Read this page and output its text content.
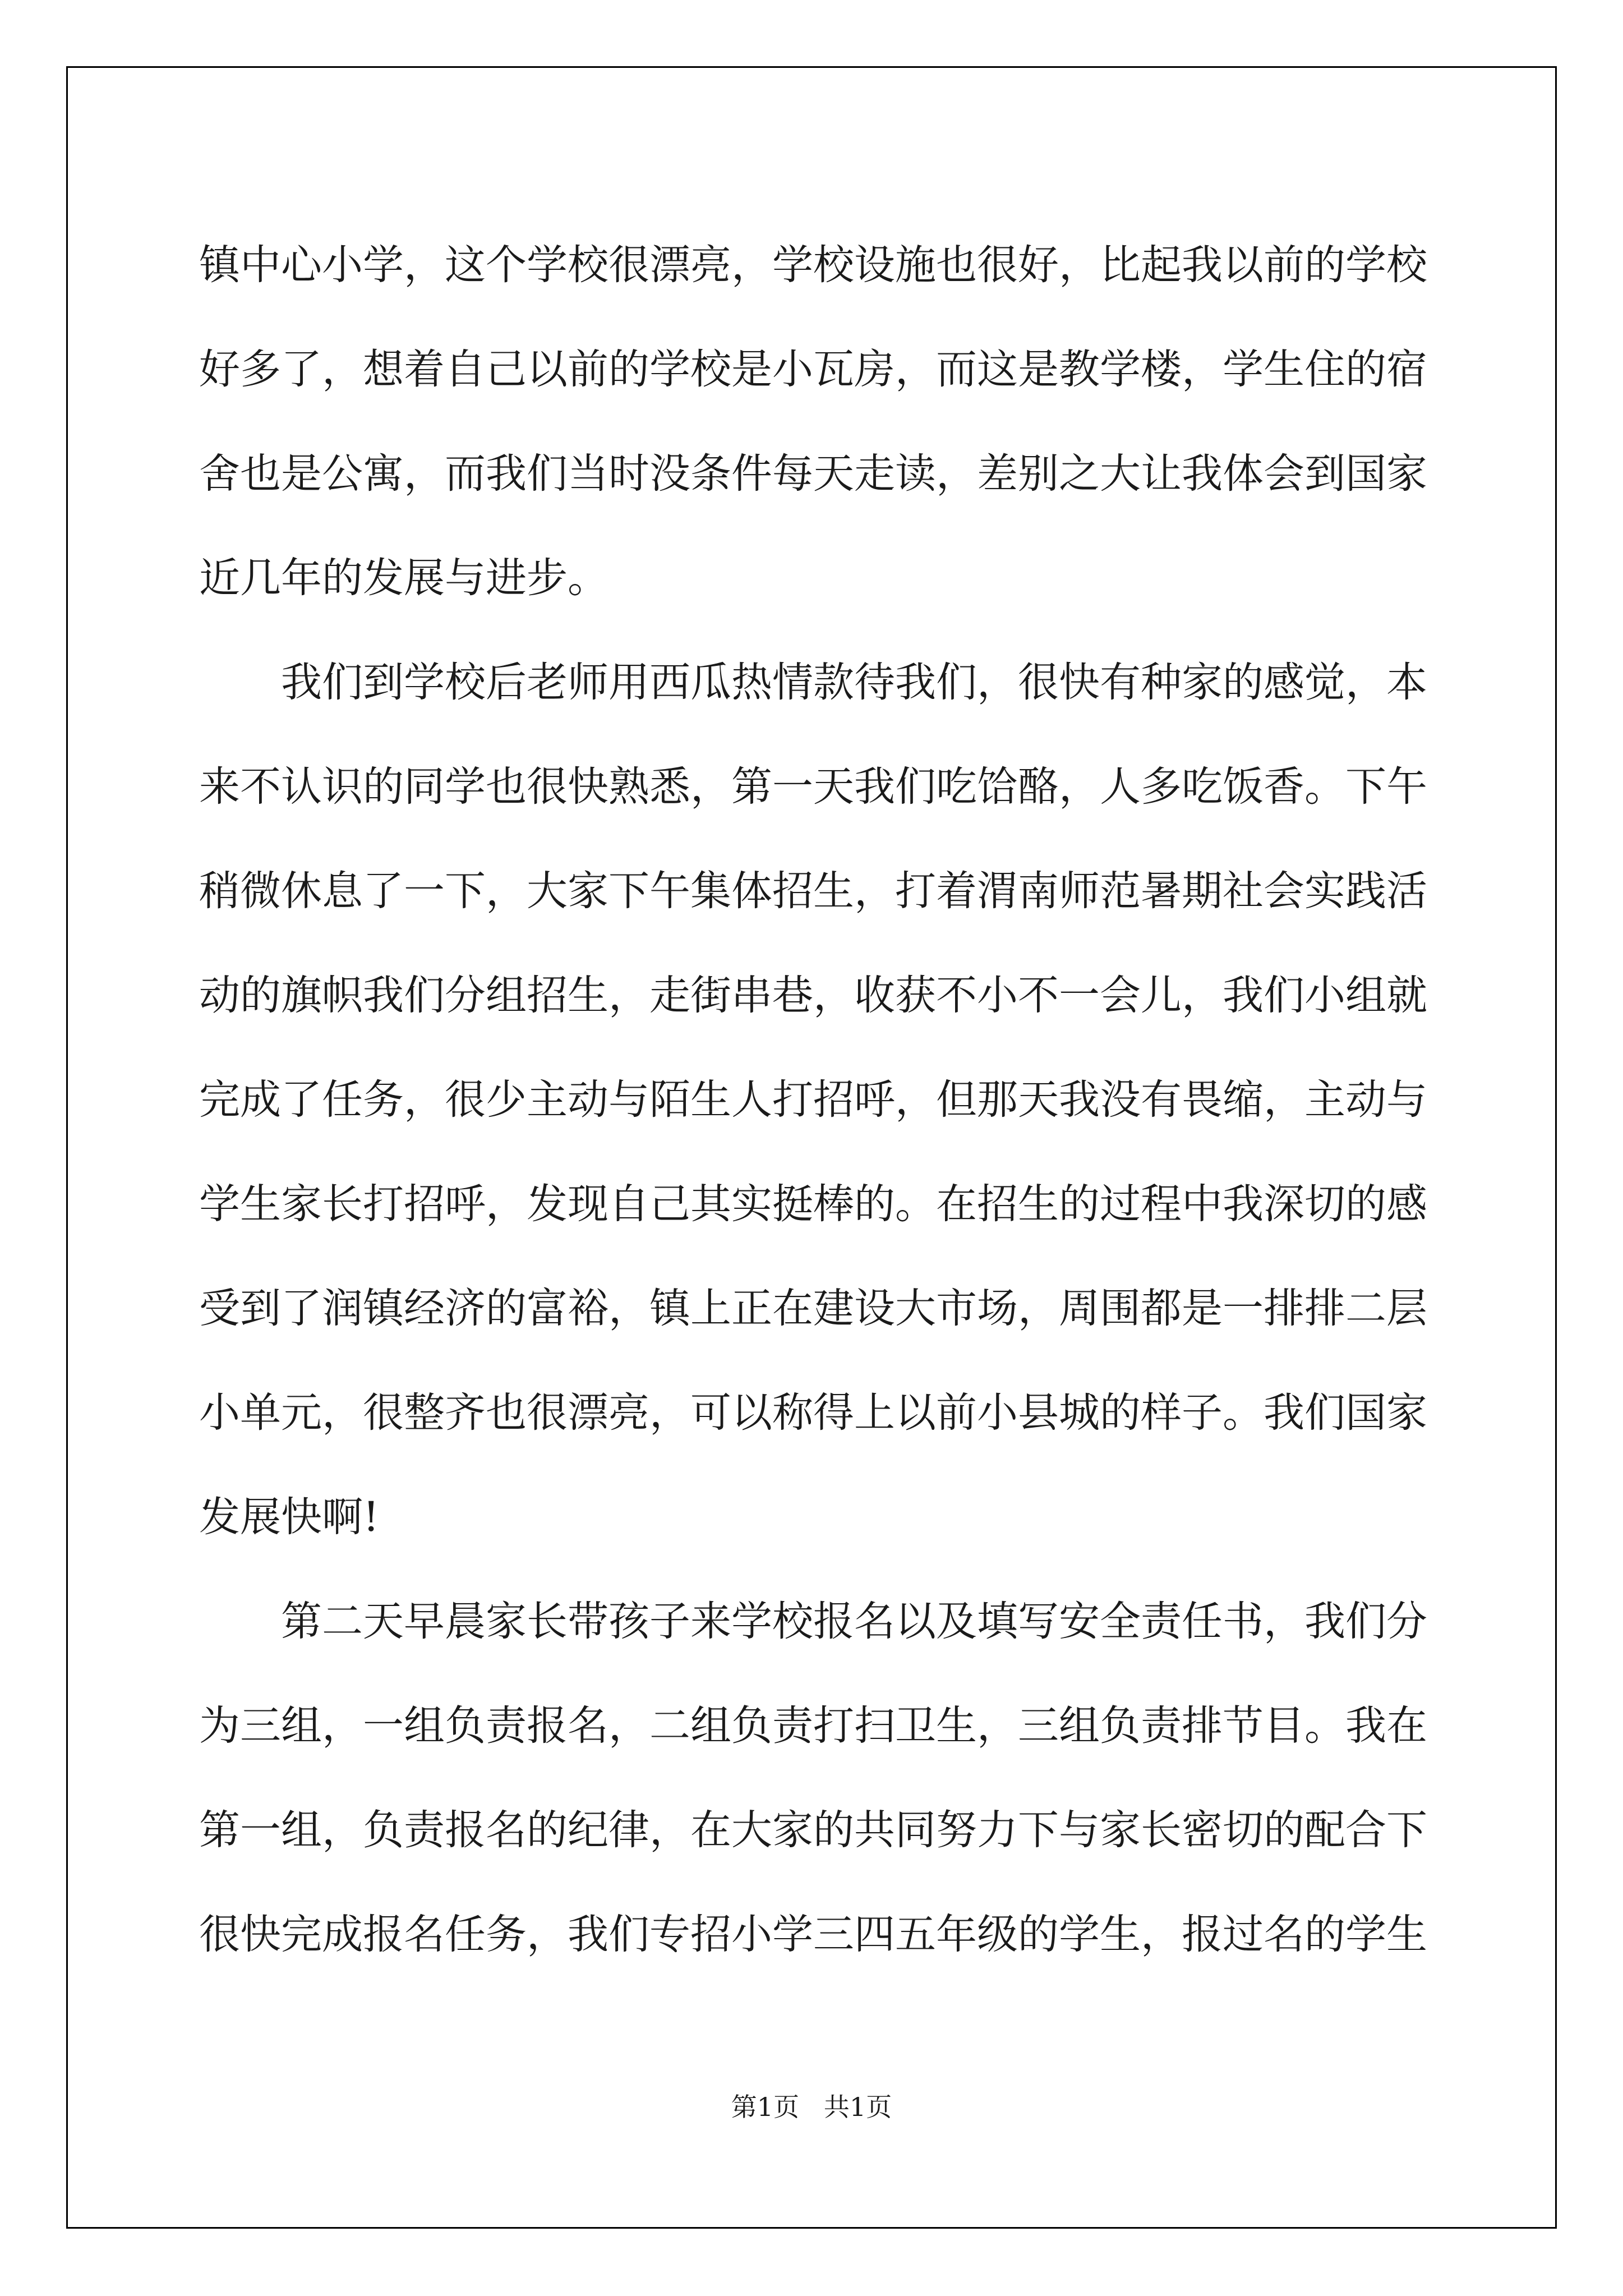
镇中心小学，这个学校很漂亮，学校设施也很好，比起我以前的学校好多了，想着自己以前的学校是小瓦房，而这是教学楼，学生住的宿舍也是公寓，而我们当时没条件每天走读，差别之大让我体会到国家近几年的发展与进步。

我们到学校后老师用西瓜热情款待我们，很快有种家的感觉，本来不认识的同学也很快熟悉，第一天我们吃饸酪，人多吃饭香。下午稍微休息了一下，大家下午集体招生，打着渭南师范暑期社会实践活动的旗帜我们分组招生，走街串巷，收获不小不一会儿，我们小组就完成了任务，很少主动与陌生人打招呼，但那天我没有畏缩，主动与学生家长打招呼，发现自己其实挺棒的。在招生的过程中我深切的感受到了润镇经济的富裕，镇上正在建设大市场，周围都是一排排二层小单元，很整齐也很漂亮，可以称得上以前小县城的样子。我们国家发展快啊!

第二天早晨家长带孩子来学校报名以及填写安全责任书，我们分为三组，一组负责报名，二组负责打扫卫生，三组负责排节目。我在第一组，负责报名的纪律，在大家的共同努力下与家长密切的配合下很快完成报名任务，我们专招小学三四五年级的学生，报过名的学生

第1页   共1页
